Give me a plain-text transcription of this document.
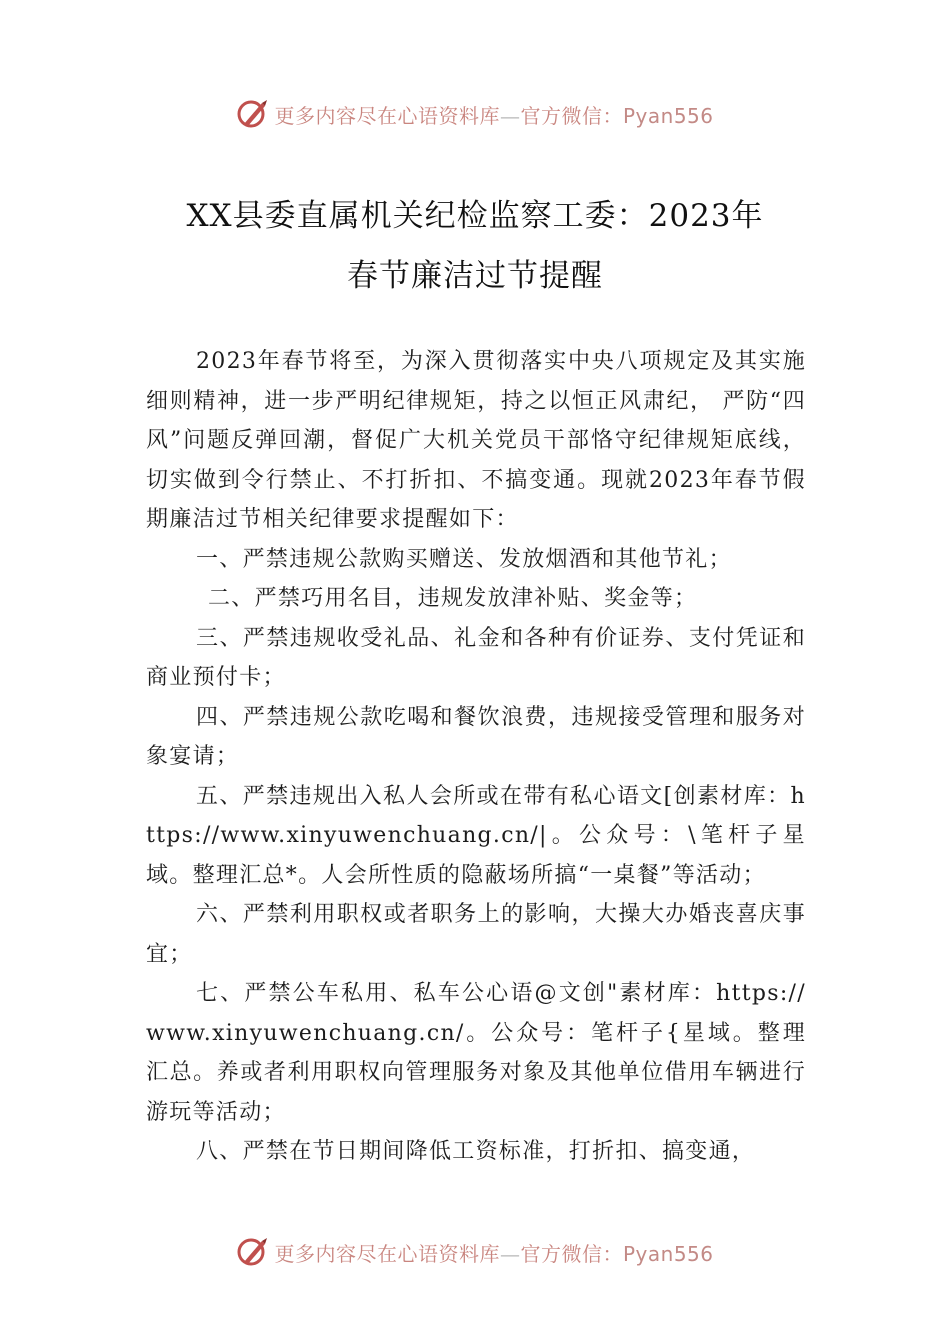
更多内容尽在心语资料库—官方微信：Pyan556
XX县委直属机关纪检监察工委：2023年
春节廉洁过节提醒

2023年春节将至，为深入贯彻落实中央八项规定及其实施细则精神，进一步严明纪律规矩，持之以恒正风肃纪， 严防“四风”问题反弹回潮，督促广大机关党员干部恪守纪律规矩底线，切实做到令行禁止、不打折扣、不搞变通。现就2023年春节假期廉洁过节相关纪律要求提醒如下：

一、严禁违规公款购买赠送、发放烟酒和其他节礼；

二、严禁巧用名目，违规发放津补贴、奖金等；

三、严禁违规收受礼品、礼金和各种有价证券、支付凭证和商业预付卡；

四、严禁违规公款吃喝和餐饮浪费，违规接受管理和服务对象宴请；

五、严禁违规出入私人会所或在带有私心语文[创素材库：https://www.xinyuwenchuang.cn/|。公众号：\笔杆子星域。整理汇总*。人会所性质的隐蔽场所搞“一桌餐”等活动；

六、严禁利用职权或者职务上的影响，大操大办婚丧喜庆事宜；

七、严禁公车私用、私车公心语@文创"素材库：https://www.xinyuwenchuang.cn/。公众号：笔杆子{星域。整理汇总。养或者利用职权向管理服务对象及其他单位借用车辆进行游玩等活动；

八、严禁在节日期间降低工资标准，打折扣、搞变通，

更多内容尽在心语资料库—官方微信：Pyan556
